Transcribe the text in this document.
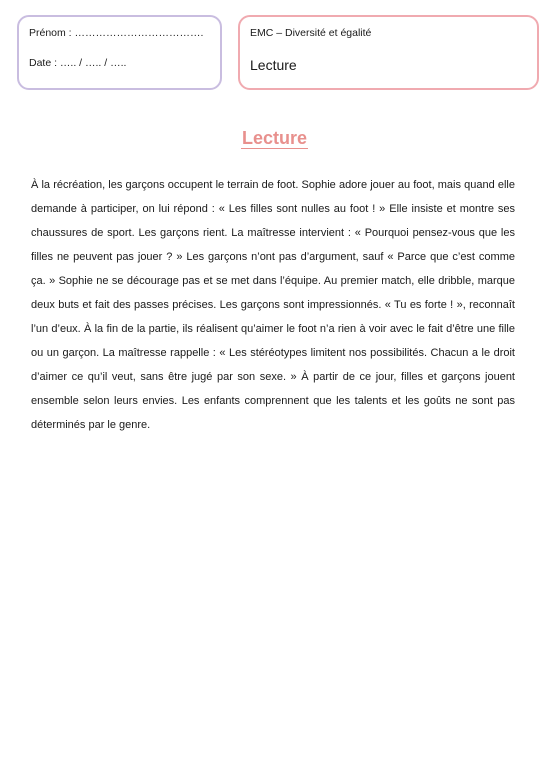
Prénom : ……………………………….
Date : ….. / ….. / …..
EMC – Diversité et égalité
Lecture
Lecture

À la récréation, les garçons occupent le terrain de foot. Sophie adore jouer au foot, mais quand elle demande à participer, on lui répond : « Les filles sont nulles au foot ! » Elle insiste et montre ses chaussures de sport. Les garçons rient. La maîtresse intervient : « Pourquoi pensez-vous que les filles ne peuvent pas jouer ? » Les garçons n’ont pas d’argument, sauf « Parce que c’est comme ça. » Sophie ne se décourage pas et se met dans l’équipe. Au premier match, elle dribble, marque deux buts et fait des passes précises. Les garçons sont impressionnés. « Tu es forte ! », reconnaît l’un d’eux. À la fin de la partie, ils réalisent qu’aimer le foot n’a rien à voir avec le fait d’être une fille ou un garçon. La maîtresse rappelle : « Les stéréotypes limitent nos possibilités. Chacun a le droit d’aimer ce qu’il veut, sans être jugé par son sexe. » À partir de ce jour, filles et garçons jouent ensemble selon leurs envies. Les enfants comprennent que les talents et les goûts ne sont pas déterminés par le genre.
